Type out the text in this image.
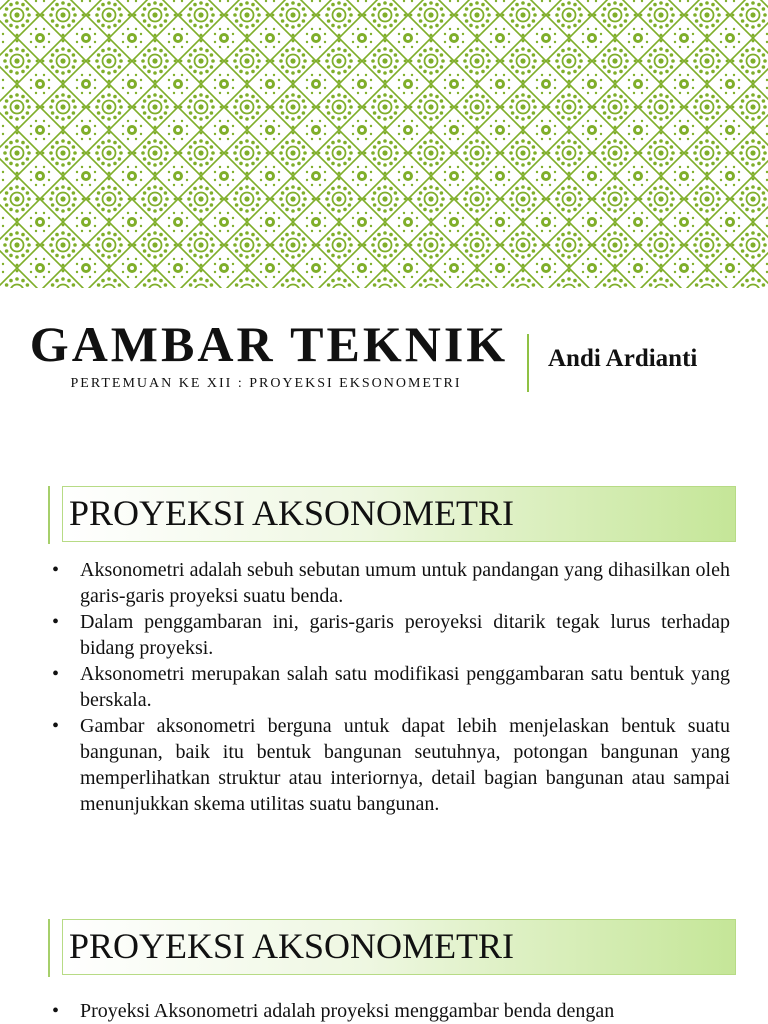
GAMBAR TEKNIK
PERTEMUAN KE XII : PROYEKSI EKSONOMETRI
Andi Ardianti
PROYEKSI AKSONOMETRI
•	Aksonometri adalah sebuh sebutan umum untuk pandangan yang dihasilkan oleh garis-garis proyeksi suatu benda.
•	Dalam penggambaran ini, garis-garis peroyeksi ditarik tegak lurus terhadap bidang proyeksi.
•	Aksonometri merupakan salah satu modifikasi penggambaran satu bentuk yang berskala.
•	Gambar aksonometri berguna untuk dapat lebih menjelaskan bentuk suatu bangunan, baik itu bentuk bangunan seutuhnya, potongan bangunan yang memperlihatkan struktur atau interiornya, detail bagian bangunan atau sampai menunjukkan skema utilitas suatu bangunan.
PROYEKSI AKSONOMETRI
•	Proyeksi Aksonometri adalah proyeksi menggambar benda dengan
